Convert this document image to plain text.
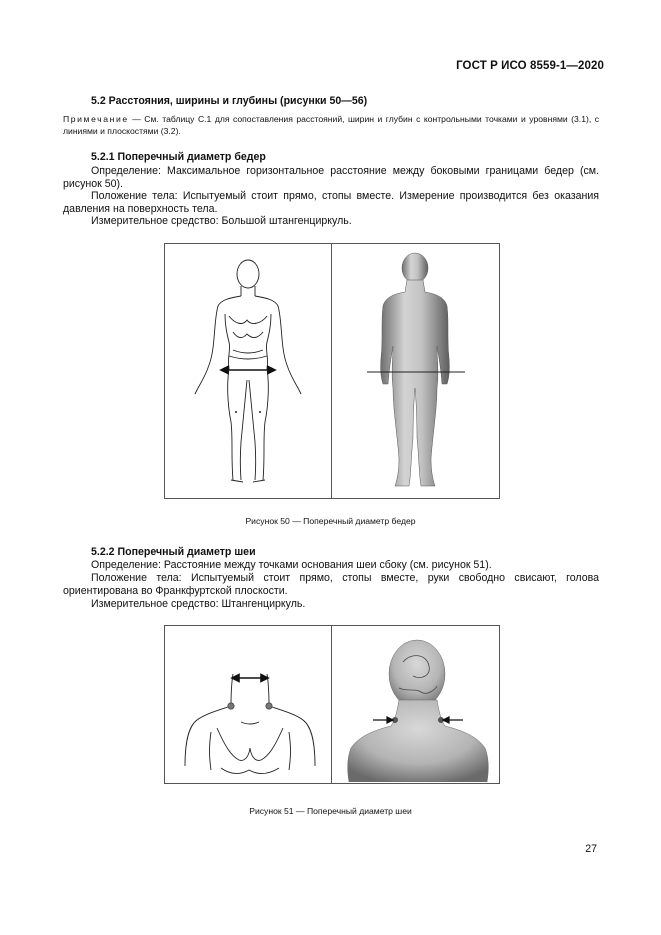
ГОСТ Р ИСО 8559-1—2020
5.2 Расстояния, ширины и глубины (рисунки 50—56)
Примечание — См. таблицу С.1 для сопоставления расстояний, ширин и глубин с контрольными точками и уровнями (3.1), с линиями и плоскостями (3.2).
5.2.1 Поперечный диаметр бедер
Определение: Максимальное горизонтальное расстояние между боковыми границами бедер (см. рисунок 50).
Положение тела: Испытуемый стоит прямо, стопы вместе. Измерение производится без оказания давления на поверхность тела.
Измерительное средство: Большой штангенциркуль.
Рисунок 50 — Поперечный диаметр бедер
5.2.2 Поперечный диаметр шеи
Определение: Расстояние между точками основания шеи сбоку (см. рисунок 51).
Положение тела: Испытуемый стоит прямо, стопы вместе, руки свободно свисают, голова ориентирована во Франкфуртской плоскости.
Измерительное средство: Штангенциркуль.
Рисунок 51 — Поперечный диаметр шеи
27
